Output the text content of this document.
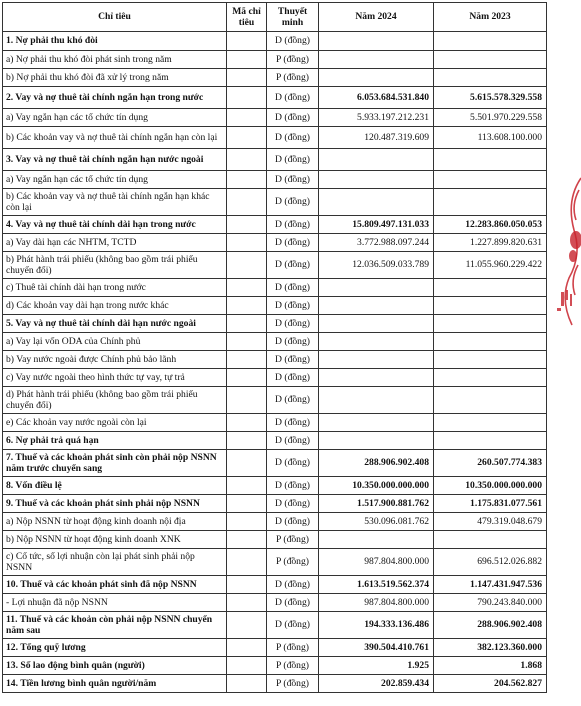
Chỉ tiêu	Mã chỉ tiêu	Thuyết minh	Năm 2024	Năm 2023
1. Nợ phải thu khó đòi		D (đồng)		
a) Nợ phải thu khó đòi phát sinh trong năm		P (đồng)		
b) Nợ phải thu khó đòi đã xử lý trong năm		P (đồng)		
2. Vay và nợ thuê tài chính ngắn hạn trong nước		D (đồng)	6.053.684.531.840	5.615.578.329.558
a) Vay ngắn hạn các tổ chức tín dụng		D (đồng)	5.933.197.212.231	5.501.970.229.558
b) Các khoản vay và nợ thuê tài chính ngắn hạn còn lại		D (đồng)	120.487.319.609	113.608.100.000
3. Vay và nợ thuê tài chính ngắn hạn nước ngoài		D (đồng)		
a) Vay ngắn hạn các tổ chức tín dụng		D (đồng)		
b) Các khoản vay và nợ thuê tài chính ngắn hạn khác còn lại		D (đồng)		
4. Vay và nợ thuê tài chính dài hạn trong nước		D (đồng)	15.809.497.131.033	12.283.860.050.053
a) Vay dài hạn các NHTM, TCTD		D (đồng)	3.772.988.097.244	1.227.899.820.631
b) Phát hành trái phiếu (không bao gồm trái phiếu chuyển đổi)		D (đồng)	12.036.509.033.789	11.055.960.229.422
c) Thuê tài chính dài hạn trong nước		D (đồng)		
d) Các khoản vay dài hạn trong nước khác		D (đồng)		
5. Vay và nợ thuê tài chính dài hạn nước ngoài		D (đồng)		
a) Vay lại vốn ODA của Chính phủ		D (đồng)		
b) Vay nước ngoài được Chính phủ bảo lãnh		D (đồng)		
c) Vay nước ngoài theo hình thức tự vay, tự trả		D (đồng)		
d) Phát hành trái phiếu (không bao gồm trái phiếu chuyển đổi)		D (đồng)		
e) Các khoản vay nước ngoài còn lại		D (đồng)		
6. Nợ phải trả quá hạn		D (đồng)		
7. Thuế và các khoản phát sinh còn phải nộp NSNN năm trước chuyển sang		D (đồng)	288.906.902.408	260.507.774.383
8. Vốn điều lệ		D (đồng)	10.350.000.000.000	10.350.000.000.000
9. Thuế và các khoản phát sinh phải nộp NSNN		D (đồng)	1.517.900.881.762	1.175.831.077.561
a) Nộp NSNN từ hoạt động kinh doanh nội địa		D (đồng)	530.096.081.762	479.319.048.679
b) Nộp NSNN từ hoạt động kinh doanh XNK		P (đồng)		
c) Cổ tức, số lợi nhuận còn lại phát sinh phải nộp NSNN		P (đồng)	987.804.800.000	696.512.026.882
10. Thuế và các khoản phát sinh đã nộp NSNN		D (đồng)	1.613.519.562.374	1.147.431.947.536
- Lợi nhuận đã nộp NSNN		D (đồng)	987.804.800.000	790.243.840.000
11. Thuế và các khoản còn phải nộp NSNN chuyển năm sau		D (đồng)	194.333.136.486	288.906.902.408
12. Tổng quỹ lương		P (đồng)	390.504.410.761	382.123.360.000
13. Số lao động bình quân (người)		P (đồng)	1.925	1.868
14. Tiền lương bình quân người/năm		P (đồng)	202.859.434	204.562.827
